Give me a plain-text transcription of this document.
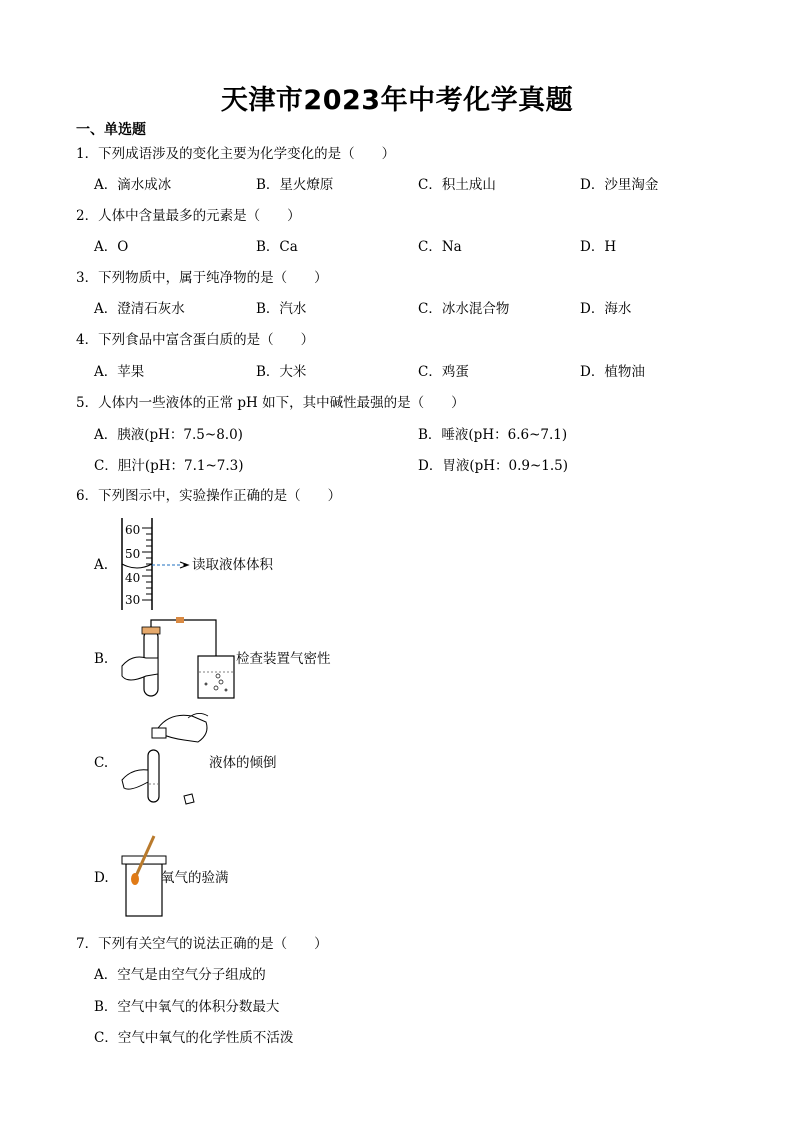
天津市2023年中考化学真题
一、单选题
1．下列成语涉及的变化主要为化学变化的是（　　）
A．滴水成冰	B．星火燎原	C．积土成山	D．沙里淘金
2．人体中含量最多的元素是（　　）
A．O	B．Ca	C．Na	D．H
3．下列物质中，属于纯净物的是（　　）
A．澄清石灰水	B．汽水	C．冰水混合物	D．海水
4．下列食品中富含蛋白质的是（　　）
A．苹果	B．大米	C．鸡蛋	D．植物油
5．人体内一些液体的正常 pH 如下，其中碱性最强的是（　　）
A．胰液(pH：7.5~8.0)	B．唾液(pH：6.6~7.1)
C．胆汁(pH：7.1~7.3)	D．胃液(pH：0.9~1.5)
6．下列图示中，实验操作正确的是（　　）
A.
60
50
40
30
读取液体体积
B.	检查装置气密性
C.	液体的倾倒
D.	氧气的验满
7．下列有关空气的说法正确的是（　　）
A．空气是由空气分子组成的
B．空气中氧气的体积分数最大
C．空气中氧气的化学性质不活泼
